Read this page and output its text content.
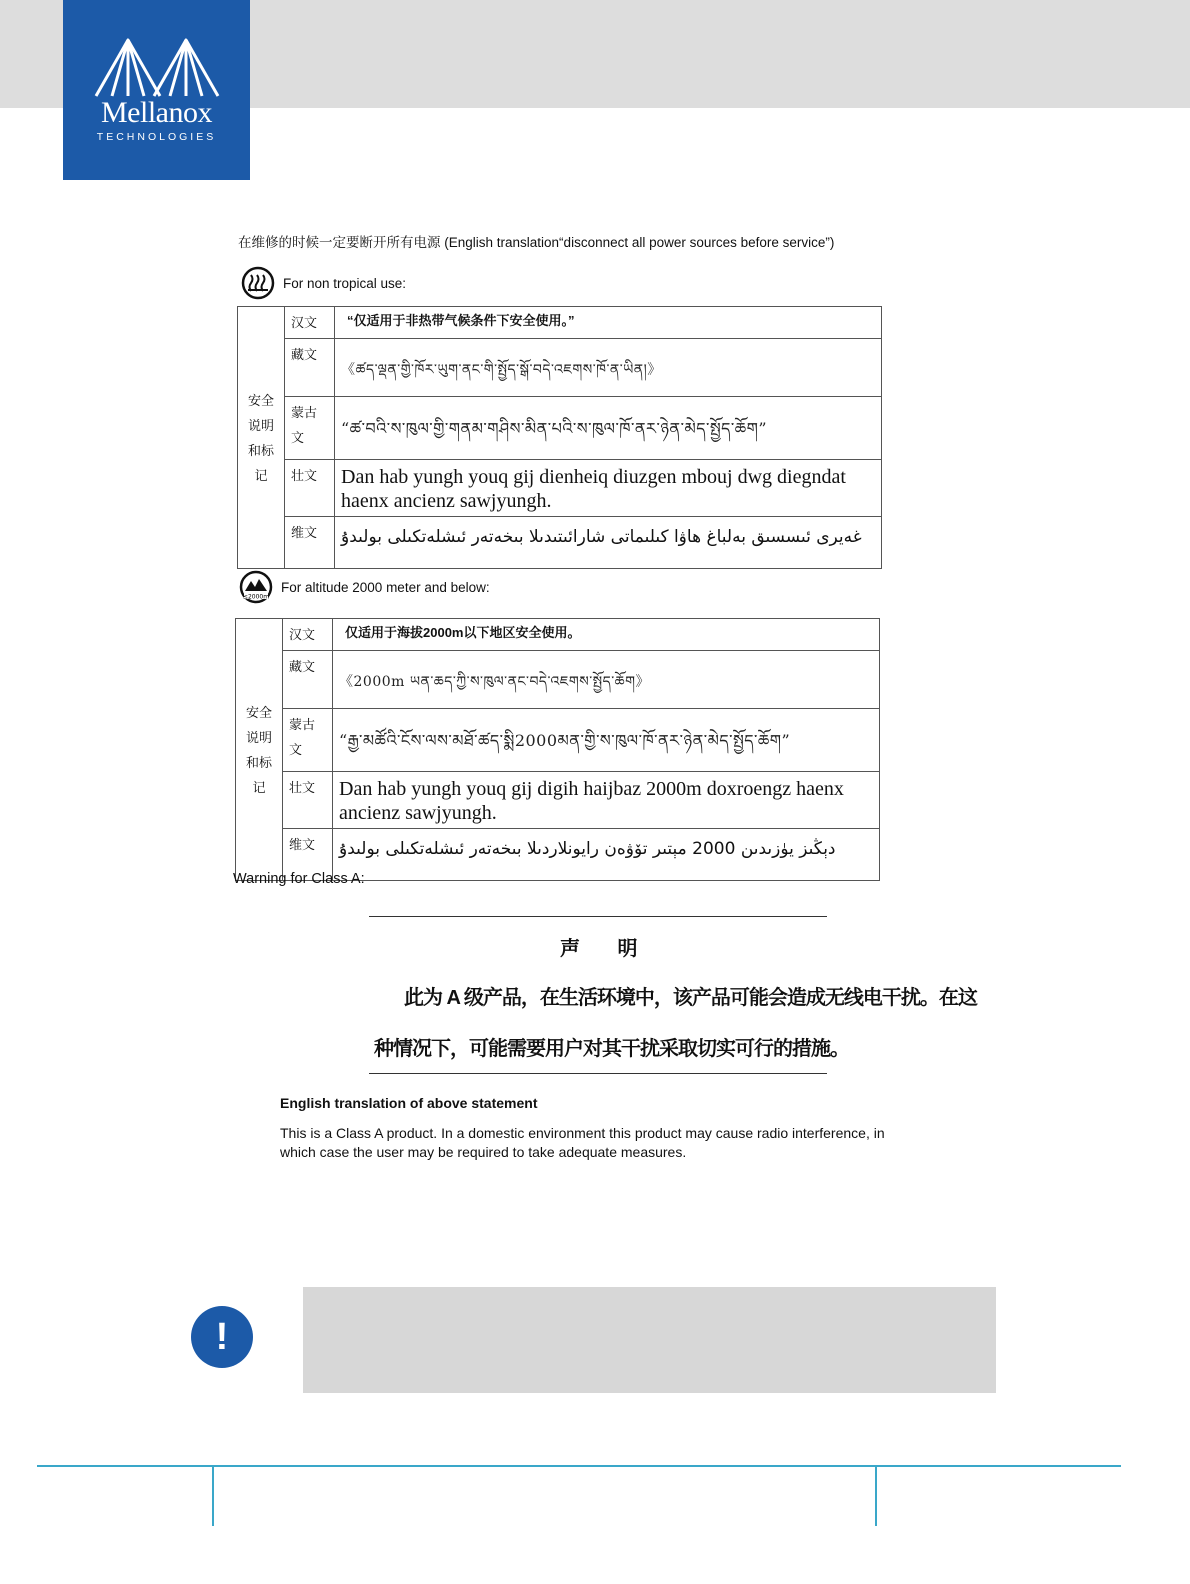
Mellanox
TECHNOLOGIES
在维修的时候一定要断开所有电源 (English translation“disconnect all power sources before service”)
For non tropical use:
安全
说明
和标
记	汉文	“仅适用于非热带气候条件下安全使用。”
	藏文	《ཚད་ལྡན་གྱི་ཁོར་ཡུག་ནང་གི་སྤྱོད་སྒོ་བདེ་འཇགས་ཁོ་ན་ཡིན།》
	蒙古文	“ཚ་བའི་ས་ཁུལ་གྱི་གནམ་གཤིས་མིན་པའི་ས་ཁུལ་ཁོ་ནར་ཉེན་མེད་སྤྱོད་ཆོག”
	壮文	Dan hab yungh youq gij dienheiq diuzgen mbouj dwg diegndat haenx ancienz sawjyungh.
	维文	غەيرى ئىسسىق بەلباغ ھاۋا كىلىماتى شارائىتىدىلا بىخەتەر ئىشلەتكىلى بولىدۇ
≤2000m
For altitude 2000 meter and below:
安全
说明
和标
记	汉文	仅适用于海拔2000m以下地区安全使用。
	藏文	《2000m ཡན་ཆད་ཀྱི་ས་ཁུལ་ནང་བདེ་འཇགས་སྤྱོད་ཆོག》
	蒙古文	“རྒྱ་མཚོའི་ངོས་ལས་མཐོ་ཚད་སྨི2000མན་གྱི་ས་ཁུལ་ཁོ་ནར་ཉེན་མེད་སྤྱོད་ཆོག”
	壮文	Dan hab yungh youq gij digih haijbaz 2000m doxroengz haenx ancienz sawjyungh.
	维文	دېڭىز يۈزىدىن 2000 مېتىر تۆۋەن رايونلاردىلا بىخەتەر ئىشلەتكىلى بولىدۇ
Warning for Class A:
声 明
此为 A 级产品，在生活环境中，该产品可能会造成无线电干扰。在这
种情况下，可能需要用户对其干扰采取切实可行的措施。
English translation of above statement
This is a Class A product. In a domestic environment this product may cause radio interference, in which case the user may be required to take adequate measures.
!
